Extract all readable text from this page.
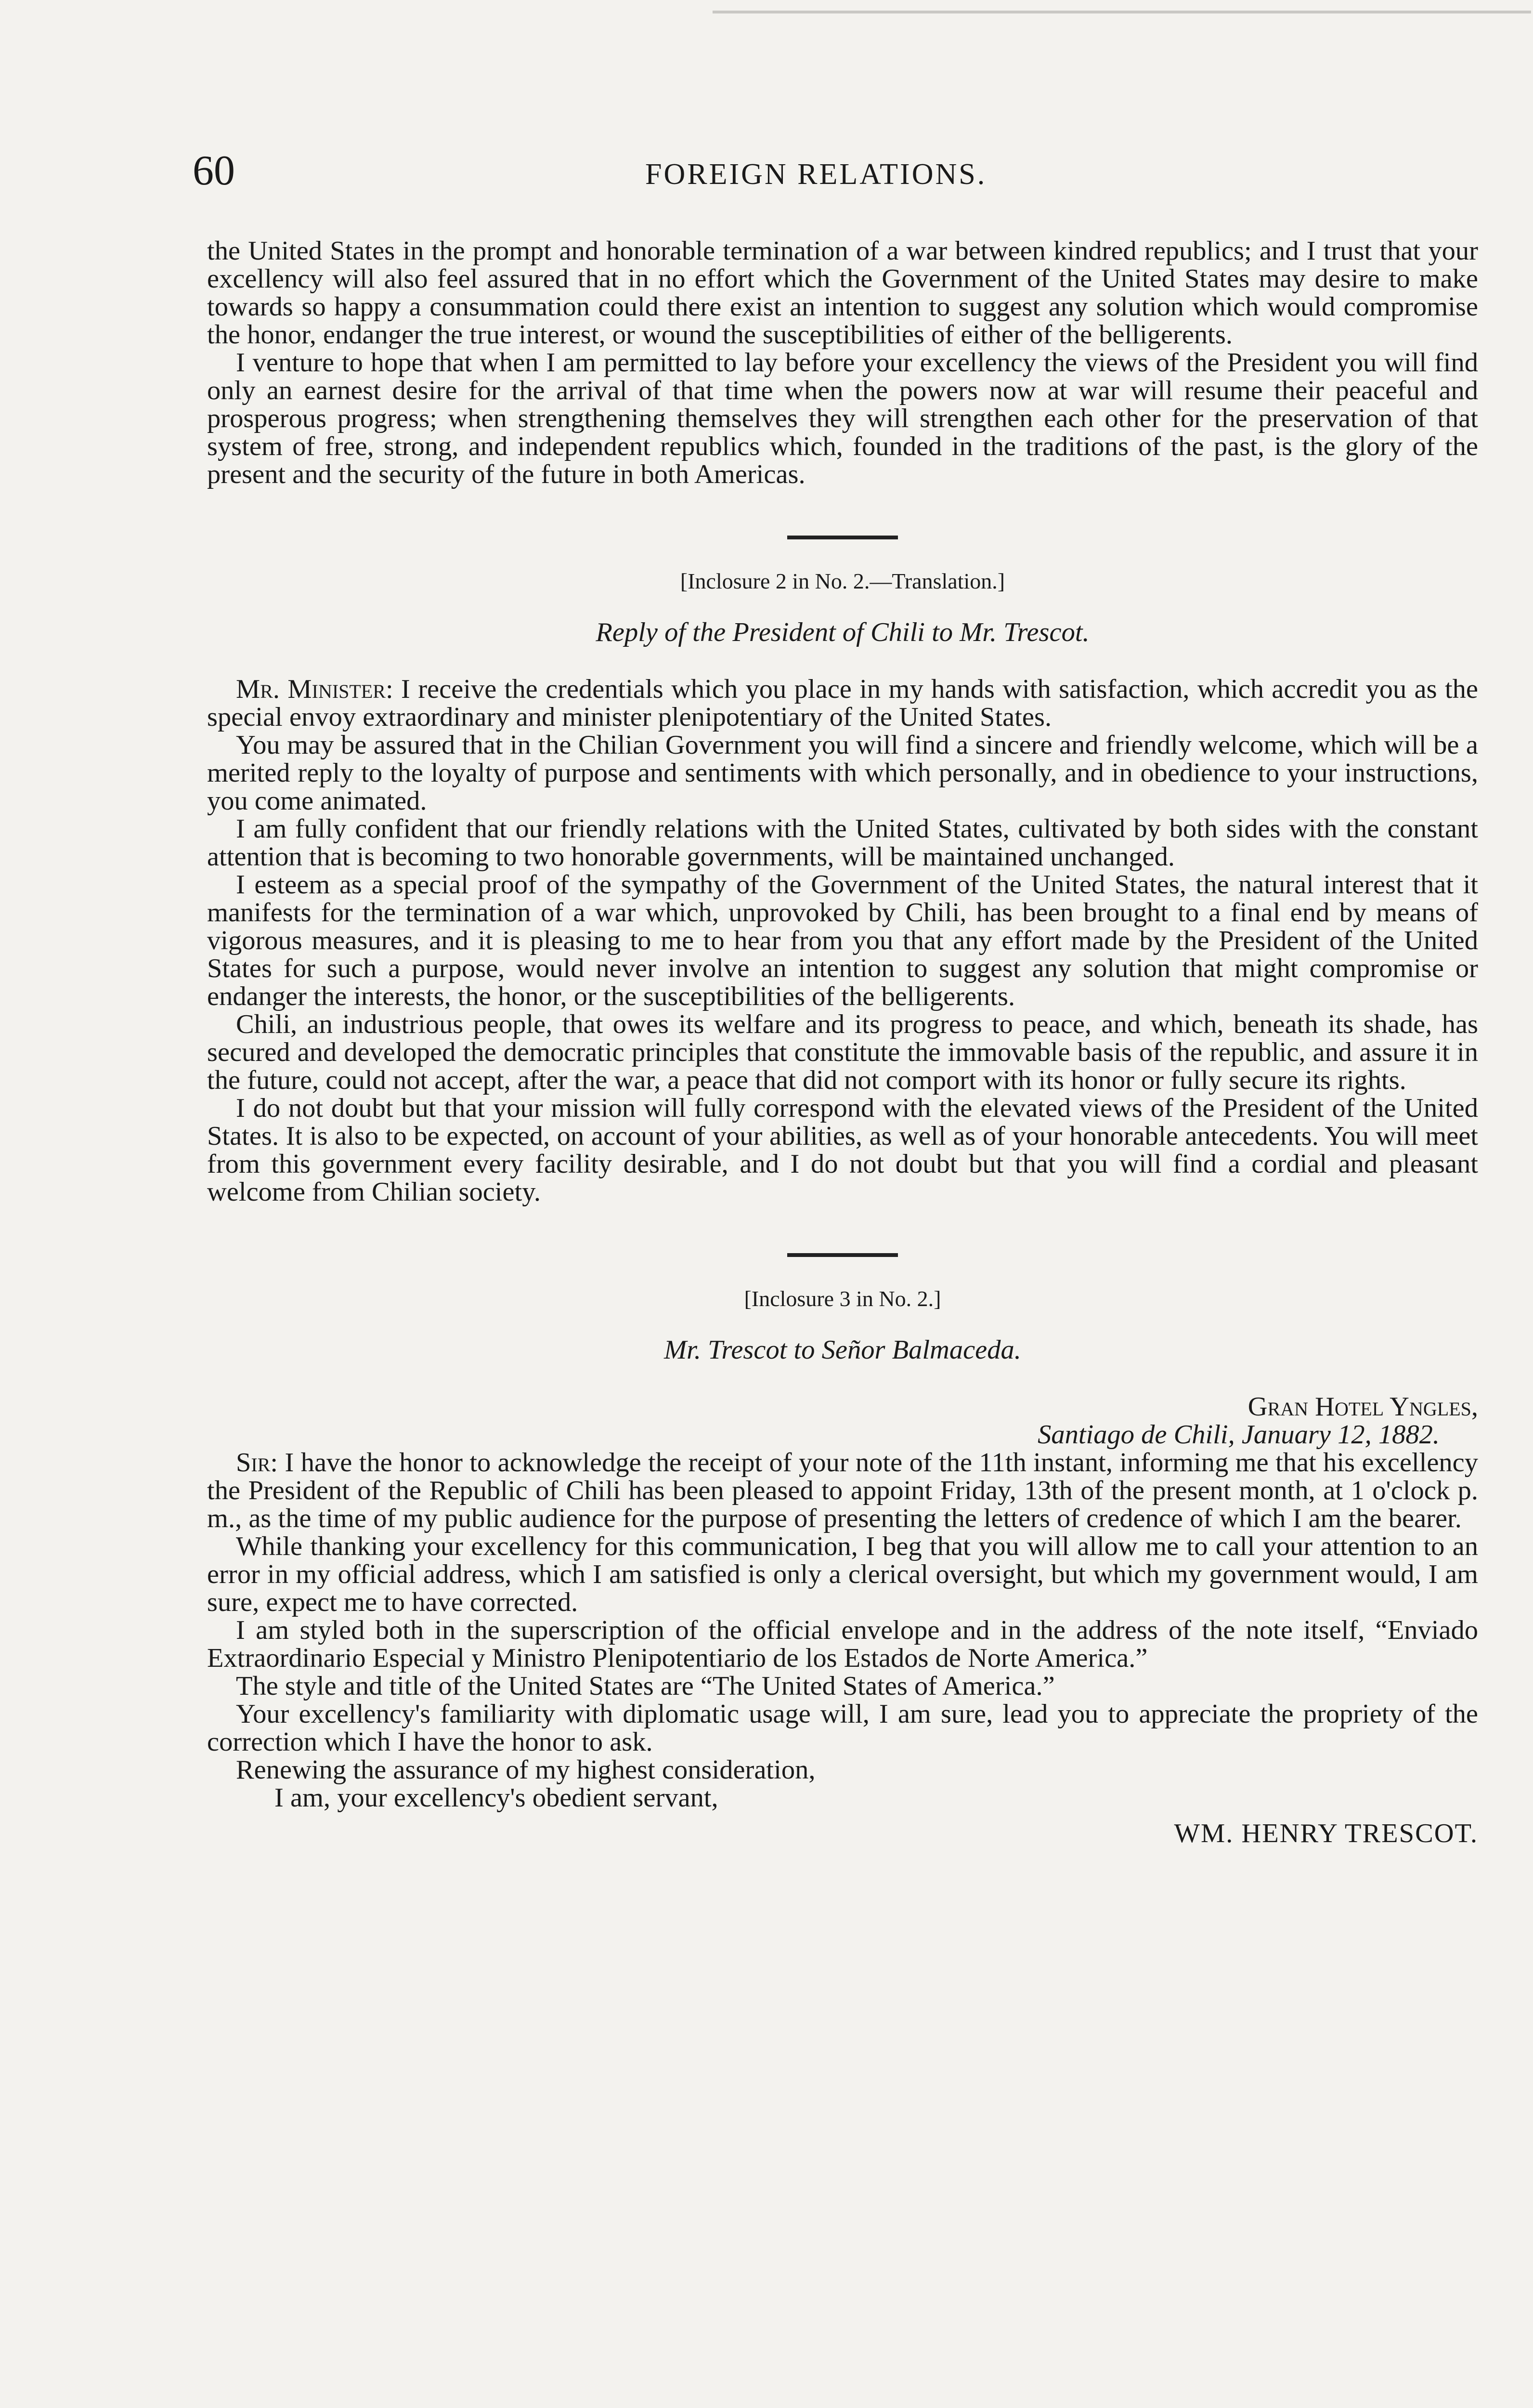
60	FOREIGN RELATIONS.

the United States in the prompt and honorable termination of a war between kindred republics; and I trust that your excellency will also feel assured that in no effort which the Government of the United States may desire to make towards so happy a consummation could there exist an intention to suggest any solution which would compromise the honor, endanger the true interest, or wound the susceptibilities of either of the belligerents.

I venture to hope that when I am permitted to lay before your excellency the views of the President you will find only an earnest desire for the arrival of that time when the powers now at war will resume their peaceful and prosperous progress; when strengthening themselves they will strengthen each other for the preservation of that system of free, strong, and independent republics which, founded in the traditions of the past, is the glory of the present and the security of the future in both Americas.

[Inclosure 2 in No. 2.—Translation.]
Reply of the President of Chili to Mr. Trescot.

Mr. Minister: I receive the credentials which you place in my hands with satisfaction, which accredit you as the special envoy extraordinary and minister plenipotentiary of the United States.

You may be assured that in the Chilian Government you will find a sincere and friendly welcome, which will be a merited reply to the loyalty of purpose and sentiments with which personally, and in obedience to your instructions, you come animated.

I am fully confident that our friendly relations with the United States, cultivated by both sides with the constant attention that is becoming to two honorable governments, will be maintained unchanged.

I esteem as a special proof of the sympathy of the Government of the United States, the natural interest that it manifests for the termination of a war which, unprovoked by Chili, has been brought to a final end by means of vigorous measures, and it is pleasing to me to hear from you that any effort made by the President of the United States for such a purpose, would never involve an intention to suggest any solution that might compromise or endanger the interests, the honor, or the susceptibilities of the belligerents.

Chili, an industrious people, that owes its welfare and its progress to peace, and which, beneath its shade, has secured and developed the democratic principles that constitute the immovable basis of the republic, and assure it in the future, could not accept, after the war, a peace that did not comport with its honor or fully secure its rights.

I do not doubt but that your mission will fully correspond with the elevated views of the President of the United States. It is also to be expected, on account of your abilities, as well as of your honorable antecedents. You will meet from this government every facility desirable, and I do not doubt but that you will find a cordial and pleasant welcome from Chilian society.

[Inclosure 3 in No. 2.]
Mr. Trescot to Señor Balmaceda.
Gran Hotel Yngles,
Santiago de Chili, January 12, 1882.

Sir: I have the honor to acknowledge the receipt of your note of the 11th instant, informing me that his excellency the President of the Republic of Chili has been pleased to appoint Friday, 13th of the present month, at 1 o'clock p. m., as the time of my public audience for the purpose of presenting the letters of credence of which I am the bearer.

While thanking your excellency for this communication, I beg that you will allow me to call your attention to an error in my official address, which I am satisfied is only a clerical oversight, but which my government would, I am sure, expect me to have corrected.

I am styled both in the superscription of the official envelope and in the address of the note itself, “Enviado Extraordinario Especial y Ministro Plenipotentiario de los Estados de Norte America.”

The style and title of the United States are “The United States of America.”

Your excellency's familiarity with diplomatic usage will, I am sure, lead you to appreciate the propriety of the correction which I have the honor to ask.

Renewing the assurance of my highest consideration,

I am, your excellency's obedient servant,

WM. HENRY TRESCOT.
